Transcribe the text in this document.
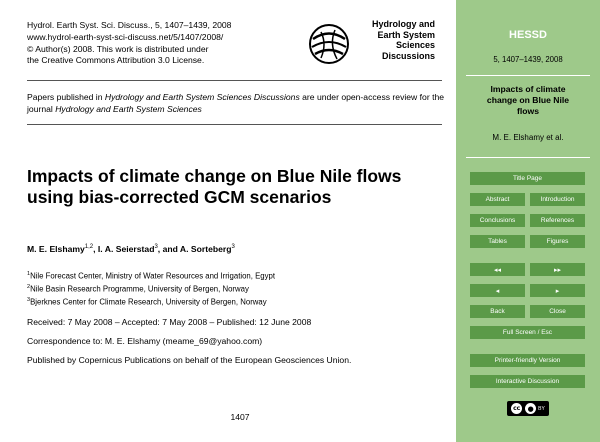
Hydrol. Earth Syst. Sci. Discuss., 5, 1407–1439, 2008
www.hydrol-earth-syst-sci-discuss.net/5/1407/2008/
© Author(s) 2008. This work is distributed under
the Creative Commons Attribution 3.0 License.
Hydrology and
Earth System
Sciences
Discussions
Papers published in Hydrology and Earth System Sciences Discussions are under open-access review for the journal Hydrology and Earth System Sciences
Impacts of climate change on Blue Nile flows using bias-corrected GCM scenarios
M. E. Elshamy$^{1,2}$, I. A. Seierstad$^3$, and A. Sorteberg$^3$
$^1$Nile Forecast Center, Ministry of Water Resources and Irrigation, Egypt
$^2$Nile Basin Research Programme, University of Bergen, Norway
$^3$Bjerknes Center for Climate Research, University of Bergen, Norway
Received: 7 May 2008 – Accepted: 7 May 2008 – Published: 12 June 2008
Correspondence to: M. E. Elshamy (meame_69@yahoo.com)
Published by Copernicus Publications on behalf of the European Geosciences Union.
1407
HESSD
5, 1407–1439, 2008
Impacts of climate
change on Blue Nile
flows
M. E. Elshamy et al.
Title Page
Abstract	Introduction
Conclusions	References
Tables	Figures
◂◂	▸▸
◂	▸
Back	Close
Full Screen / Esc
Printer-friendly Version
Interactive Discussion
cc	● BY
